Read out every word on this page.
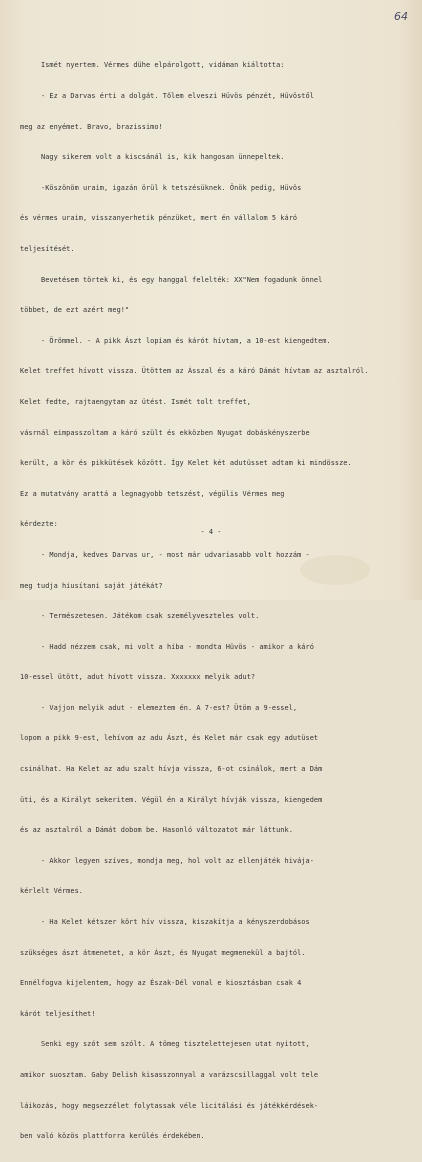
64

Ismét nyertem. Vérmes dühe elpárolgott, vidáman kiáltotta:

- Ez a Darvas érti a dolgát. Tőlem elveszi Hüvös pénzét, Hüvöstől

meg az enyémet. Bravo, brazissimo!

Nagy sikerem volt a kiscsánál is, kik hangosan ünnepeltek.

-Köszönöm uraim, igazán örül k tetszésüknek. Önök pedig, Hüvös

és vérmes uraim, visszanyerhetik pénzüket, mert én vállalom 5 káró

teljesítését.

Bevetésem törtek ki, és egy hanggal felelték: XX"Nem fogadunk önnel

többet, de ezt azért meg!"

- Örömmel. - A pikk Ászt lopiam és kárót hívtam, a 10-est kiengedtem.

Kelet treffet hívott vissza. Ütöttem az Ásszal és a káró Dámát hívtam az asztalról.

Kelet fedte, rajtaengytam az ütést. Ismét tolt treffet,

vásrnál eimpasszoltam a káró szült és ekközben Nyugat dobáskényszerbe

került, a kör és pikkütések között. Így Kelet két adutüsset adtam ki mindössze.

Ez a mutatvány arattá a legnagyobb tetszést, végülis Vérmes meg

kérdezte:

- Mondja, kedves Darvas ur, - most már udvariasabb volt hozzám -

meg tudja hiusítani saját játékát?

- Természetesen. Játékom csak személyveszteles volt.

- Hadd nézzem csak, mi volt a hiba - mondta Hüvös - amikor a káró

10-essel ütött, adut hívott vissza. Xxxxxxx melyik adut?

- Vajjon melyik adut - elemeztem én. A 7-est? Ütöm a 9-essel,

lopom a pikk 9-est, lehívom az adu Ászt, és Kelet már csak egy adutüset

csinálhat. Ha Kelet az adu szalt hívja vissza, 6-ot csinálok, mert a Dám

üti, és a Királyt sekeritem. Végül én a Királyt hívják vissza, kiengedem

és az asztalról a Dámát dobom be. Hasonló változatot már láttunk.

- Akkor legyen szíves, mondja meg, hol volt az ellenjáték hivája-

kérlelt Vérmes.

- Ha Kelet kétszer kört hív vissza, kiszakítja a kényszerdobásos

szükséges ászt átmenetet, a kör Ászt, és Nyugat megmenekül a bajtól.

Ennélfogva kijelentem, hogy az Észak-Dél vonal e kiosztásban csak 4

kárót teljesíthet!

Senki egy szót sem szólt. A tömeg tisztelettejesen utat nyitott,

amikor suosztam. Gaby Delish kisasszonnyal a varázscsillaggal volt tele

láikozás, hogy megsezzélet folytassak véle licitálási és játékkérdések-

ben való közös plattforra kerülés érdekében.

- 4 -
